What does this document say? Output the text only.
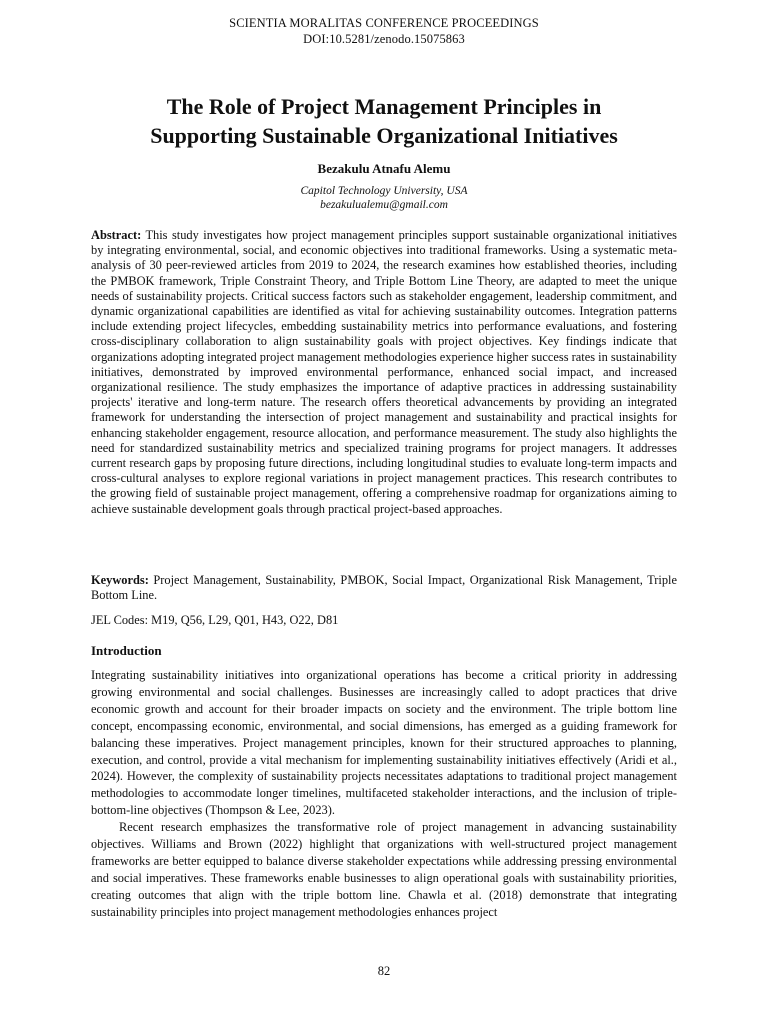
SCIENTIA MORALITAS CONFERENCE PROCEEDINGS
DOI:10.5281/zenodo.15075863
The Role of Project Management Principles in
Supporting Sustainable Organizational Initiatives
Bezakulu Atnafu Alemu
Capitol Technology University, USA
bezakulualemu@gmail.com
Abstract: This study investigates how project management principles support sustainable organizational initiatives by integrating environmental, social, and economic objectives into traditional frameworks. Using a systematic meta-analysis of 30 peer-reviewed articles from 2019 to 2024, the research examines how established theories, including the PMBOK framework, Triple Constraint Theory, and Triple Bottom Line Theory, are adapted to meet the unique needs of sustainability projects. Critical success factors such as stakeholder engagement, leadership commitment, and dynamic organizational capabilities are identified as vital for achieving sustainability outcomes. Integration patterns include extending project lifecycles, embedding sustainability metrics into performance evaluations, and fostering cross-disciplinary collaboration to align sustainability goals with project objectives. Key findings indicate that organizations adopting integrated project management methodologies experience higher success rates in sustainability initiatives, demonstrated by improved environmental performance, enhanced social impact, and increased organizational resilience. The study emphasizes the importance of adaptive practices in addressing sustainability projects' iterative and long-term nature. The research offers theoretical advancements by providing an integrated framework for understanding the intersection of project management and sustainability and practical insights for enhancing stakeholder engagement, resource allocation, and performance measurement. The study also highlights the need for standardized sustainability metrics and specialized training programs for project managers. It addresses current research gaps by proposing future directions, including longitudinal studies to evaluate long-term impacts and cross-cultural analyses to explore regional variations in project management practices. This research contributes to the growing field of sustainable project management, offering a comprehensive roadmap for organizations aiming to achieve sustainable development goals through practical project-based approaches.
Keywords: Project Management, Sustainability, PMBOK, Social Impact, Organizational Risk Management, Triple Bottom Line.
JEL Codes: M19, Q56, L29, Q01, H43, O22, D81
Introduction

Integrating sustainability initiatives into organizational operations has become a critical priority in addressing growing environmental and social challenges. Businesses are increasingly called to adopt practices that drive economic growth and account for their broader impacts on society and the environment. The triple bottom line concept, encompassing economic, environmental, and social dimensions, has emerged as a guiding framework for balancing these imperatives. Project management principles, known for their structured approaches to planning, execution, and control, provide a vital mechanism for implementing sustainability initiatives effectively (Aridi et al., 2024). However, the complexity of sustainability projects necessitates adaptations to traditional project management methodologies to accommodate longer timelines, multifaceted stakeholder interactions, and the inclusion of triple-bottom-line objectives (Thompson & Lee, 2023).

Recent research emphasizes the transformative role of project management in advancing sustainability objectives. Williams and Brown (2022) highlight that organizations with well-structured project management frameworks are better equipped to balance diverse stakeholder expectations while addressing pressing environmental and social imperatives. These frameworks enable businesses to align operational goals with sustainability priorities, creating outcomes that align with the triple bottom line. Chawla et al. (2018) demonstrate that integrating sustainability principles into project management methodologies enhances project

82
